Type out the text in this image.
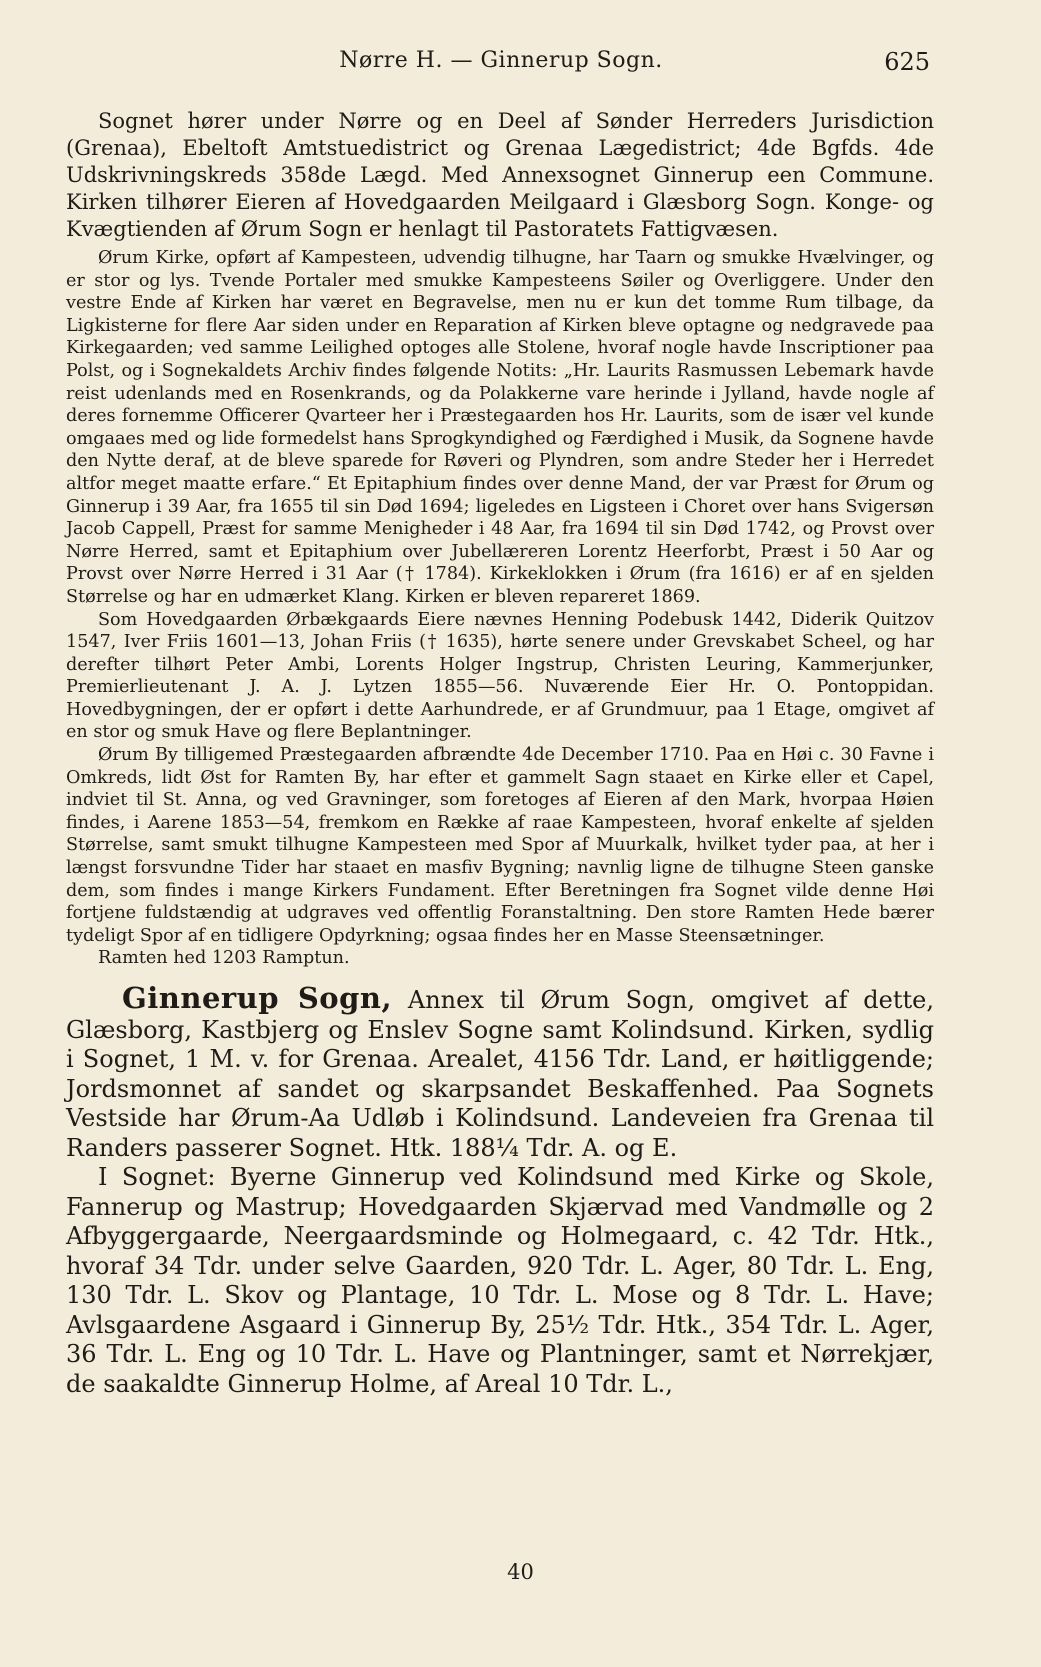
Nørre H. — Ginnerup Sogn.	625

Sognet hører under Nørre og en Deel af Sønder Herreders Jurisdiction (Grenaa), Ebeltoft Amtstuedistrict og Grenaa Lægedistrict; 4de Bgfds. 4de Udskrivningskreds 358de Lægd. Med Annexsognet Ginnerup een Commune. Kirken tilhører Eieren af Hovedgaarden Meilgaard i Glæsborg Sogn. Konge- og Kvægtienden af Ørum Sogn er henlagt til Pastoratets Fattigvæsen.

Ørum Kirke, opført af Kampesteen, udvendig tilhugne, har Taarn og smukke Hvælvinger, og er stor og lys. Tvende Portaler med smukke Kampesteens Søiler og Overliggere. Under den vestre Ende af Kirken har været en Begravelse, men nu er kun det tomme Rum tilbage, da Ligkisterne for flere Aar siden under en Reparation af Kirken bleve optagne og nedgravede paa Kirkegaarden; ved samme Leilighed optoges alle Stolene, hvoraf nogle havde Inscriptioner paa Polst, og i Sognekaldets Archiv findes følgende Notits: „Hr. Laurits Rasmussen Lebemark havde reist udenlands med en Rosenkrands, og da Polakkerne vare herinde i Jylland, havde nogle af deres fornemme Officerer Qvarteer her i Præstegaarden hos Hr. Laurits, som de især vel kunde omgaaes med og lide formedelst hans Sprogkyndighed og Færdighed i Musik, da Sognene havde den Nytte deraf, at de bleve sparede for Røveri og Plyndren, som andre Steder her i Herredet altfor meget maatte erfare.“ Et Epitaphium findes over denne Mand, der var Præst for Ørum og Ginnerup i 39 Aar, fra 1655 til sin Død 1694; ligeledes en Ligsteen i Choret over hans Svigersøn Jacob Cappell, Præst for samme Menigheder i 48 Aar, fra 1694 til sin Død 1742, og Provst over Nørre Herred, samt et Epitaphium over Jubellæreren Lorentz Heerforbt, Præst i 50 Aar og Provst over Nørre Herred i 31 Aar († 1784). Kirkeklokken i Ørum (fra 1616) er af en sjelden Størrelse og har en udmærket Klang. Kirken er bleven repareret 1869.

Som Hovedgaarden Ørbækgaards Eiere nævnes Henning Podebusk 1442, Diderik Quitzov 1547, Iver Friis 1601—13, Johan Friis († 1635), hørte senere under Grevskabet Scheel, og har derefter tilhørt Peter Ambi, Lorents Holger Ingstrup, Christen Leuring, Kammerjunker, Premierlieutenant J. A. J. Lytzen 1855—56. Nuværende Eier Hr. O. Pontoppidan. Hovedbygningen, der er opført i dette Aarhundrede, er af Grundmuur, paa 1 Etage, omgivet af en stor og smuk Have og flere Beplantninger.

Ørum By tilligemed Præstegaarden afbrændte 4de December 1710. Paa en Høi c. 30 Favne i Omkreds, lidt Øst for Ramten By, har efter et gammelt Sagn staaet en Kirke eller et Capel, indviet til St. Anna, og ved Gravninger, som foretoges af Eieren af den Mark, hvorpaa Høien findes, i Aarene 1853—54, fremkom en Række af raae Kampesteen, hvoraf enkelte af sjelden Størrelse, samt smukt tilhugne Kampesteen med Spor af Muurkalk, hvilket tyder paa, at her i længst forsvundne Tider har staaet en masfiv Bygning; navnlig ligne de tilhugne Steen ganske dem, som findes i mange Kirkers Fundament. Efter Beretningen fra Sognet vilde denne Høi fortjene fuldstændig at udgraves ved offentlig Foranstaltning. Den store Ramten Hede bærer tydeligt Spor af en tidligere Opdyrkning; ogsaa findes her en Masse Steensætninger.

Ramten hed 1203 Ramptun.

Ginnerup Sogn, Annex til Ørum Sogn, omgivet af dette, Glæsborg, Kastbjerg og Enslev Sogne samt Kolindsund. Kirken, sydlig i Sognet, 1 M. v. for Grenaa. Arealet, 4156 Tdr. Land, er høitliggende; Jordsmonnet af sandet og skarpsandet Beskaffenhed. Paa Sognets Vestside har Ørum-Aa Udløb i Kolindsund. Landeveien fra Grenaa til Randers passerer Sognet. Htk. 188¼ Tdr. A. og E.

I Sognet: Byerne Ginnerup ved Kolindsund med Kirke og Skole, Fannerup og Mastrup; Hovedgaarden Skjærvad med Vandmølle og 2 Afbyggergaarde, Neergaardsminde og Holmegaard, c. 42 Tdr. Htk., hvoraf 34 Tdr. under selve Gaarden, 920 Tdr. L. Ager, 80 Tdr. L. Eng, 130 Tdr. L. Skov og Plantage, 10 Tdr. L. Mose og 8 Tdr. L. Have; Avlsgaardene Asgaard i Ginnerup By, 25½ Tdr. Htk., 354 Tdr. L. Ager, 36 Tdr. L. Eng og 10 Tdr. L. Have og Plantninger, samt et Nørrekjær, de saakaldte Ginnerup Holme, af Areal 10 Tdr. L.,

40
